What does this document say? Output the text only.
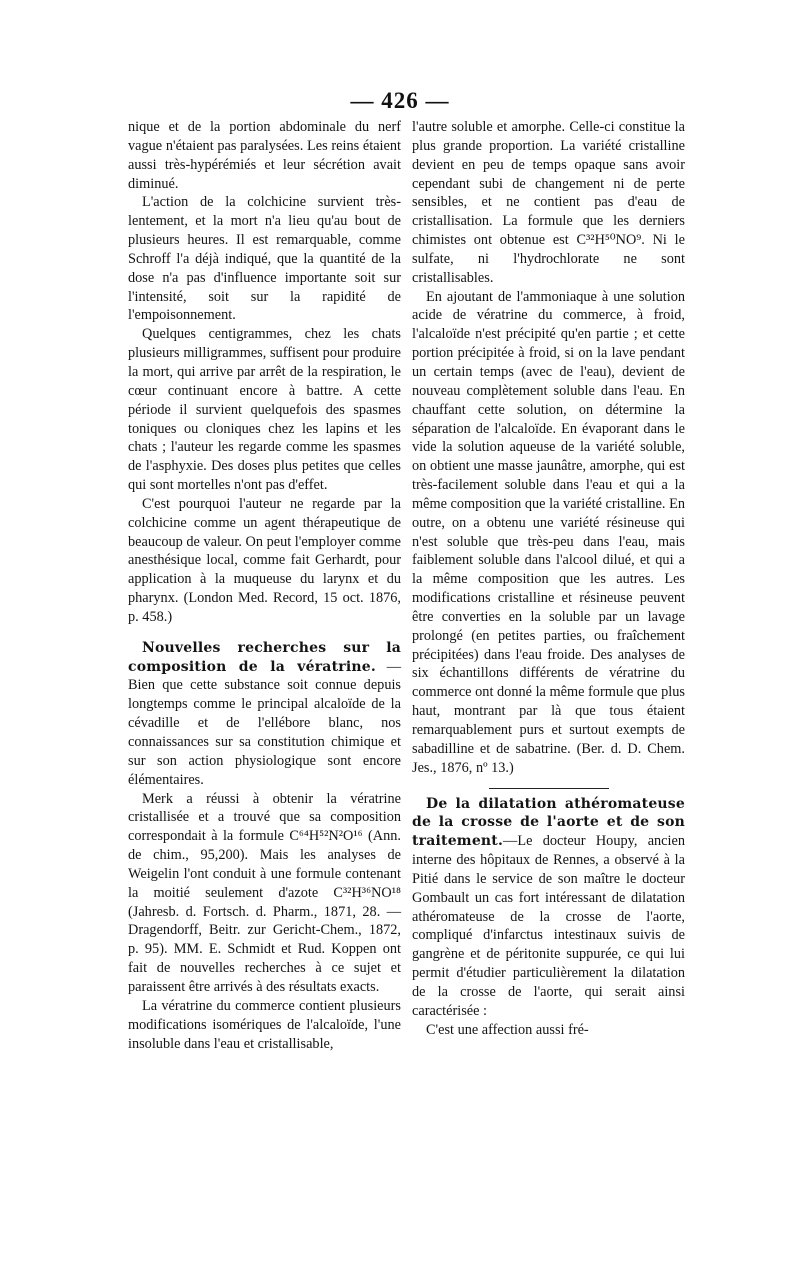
— 426 —

nique et de la portion abdominale du nerf vague n'étaient pas paralysées. Les reins étaient aussi très-hypérémiés et leur sécrétion avait diminué.

L'action de la colchicine survient très-lentement, et la mort n'a lieu qu'au bout de plusieurs heures. Il est remarquable, comme Schroff l'a déjà indiqué, que la quantité de la dose n'a pas d'influence importante soit sur l'intensité, soit sur la rapidité de l'empoisonnement.

Quelques centigrammes, chez les chats plusieurs milligrammes, suffisent pour produire la mort, qui arrive par arrêt de la respiration, le cœur continuant encore à battre. A cette période il survient quelquefois des spasmes toniques ou cloniques chez les lapins et les chats ; l'auteur les regarde comme les spasmes de l'asphyxie. Des doses plus petites que celles qui sont mortelles n'ont pas d'effet.

C'est pourquoi l'auteur ne regarde par la colchicine comme un agent thérapeutique de beaucoup de valeur. On peut l'employer comme anesthésique local, comme fait Gerhardt, pour application à la muqueuse du larynx et du pharynx. (London Med. Record, 15 oct. 1876, p. 458.)

Nouvelles recherches sur la composition de la vératrine. — Bien que cette substance soit connue depuis longtemps comme le principal alcaloïde de la cévadille et de l'ellébore blanc, nos connaissances sur sa constitution chimique et sur son action physiologique sont encore élémentaires.

Merk a réussi à obtenir la vératrine cristallisée et a trouvé que sa composition correspondait à la formule C⁶⁴H⁵²N²O¹⁶ (Ann. de chim., 95,200). Mais les analyses de Weigelin l'ont conduit à une formule contenant la moitié seulement d'azote C³²H³⁶NO¹⁸ (Jahresb. d. Fortsch. d. Pharm., 1871, 28. — Dragendorff, Beitr. zur Gericht-Chem., 1872, p. 95). MM. E. Schmidt et Rud. Koppen ont fait de nouvelles recherches à ce sujet et paraissent être arrivés à des résultats exacts.

La vératrine du commerce contient plusieurs modifications isomériques de l'alcaloïde, l'une insoluble dans l'eau et cristallisable,

l'autre soluble et amorphe. Celle-ci constitue la plus grande proportion. La variété cristalline devient en peu de temps opaque sans avoir cependant subi de changement ni de perte sensibles, et ne contient pas d'eau de cristallisation. La formule que les derniers chimistes ont obtenue est C³²H⁵⁰NO⁹. Ni le sulfate, ni l'hydrochlorate ne sont cristallisables.

En ajoutant de l'ammoniaque à une solution acide de vératrine du commerce, à froid, l'alcaloïde n'est précipité qu'en partie ; et cette portion précipitée à froid, si on la lave pendant un certain temps (avec de l'eau), devient de nouveau complètement soluble dans l'eau. En chauffant cette solution, on détermine la séparation de l'alcaloïde. En évaporant dans le vide la solution aqueuse de la variété soluble, on obtient une masse jaunâtre, amorphe, qui est très-facilement soluble dans l'eau et qui a la même composition que la variété cristalline. En outre, on a obtenu une variété résineuse qui n'est soluble que très-peu dans l'eau, mais faiblement soluble dans l'alcool dilué, et qui a la même composition que les autres. Les modifications cristalline et résineuse peuvent être converties en la soluble par un lavage prolongé (en petites parties, ou fraîchement précipitées) dans l'eau froide. Des analyses de six échantillons différents de vératrine du commerce ont donné la même formule que plus haut, montrant par là que tous étaient remarquablement purs et surtout exempts de sabadilline et de sabatrine. (Ber. d. D. Chem. Jes., 1876, nº 13.)

De la dilatation athéromateuse de la crosse de l'aorte et de son traitement.—Le docteur Houpy, ancien interne des hôpitaux de Rennes, a observé à la Pitié dans le service de son maître le docteur Gombault un cas fort intéressant de dilatation athéromateuse de la crosse de l'aorte, compliqué d'infarctus intestinaux suivis de gangrène et de péritonite suppurée, ce qui lui permit d'étudier particulièrement la dilatation de la crosse de l'aorte, qui serait ainsi caractérisée :

C'est une affection aussi fré-
